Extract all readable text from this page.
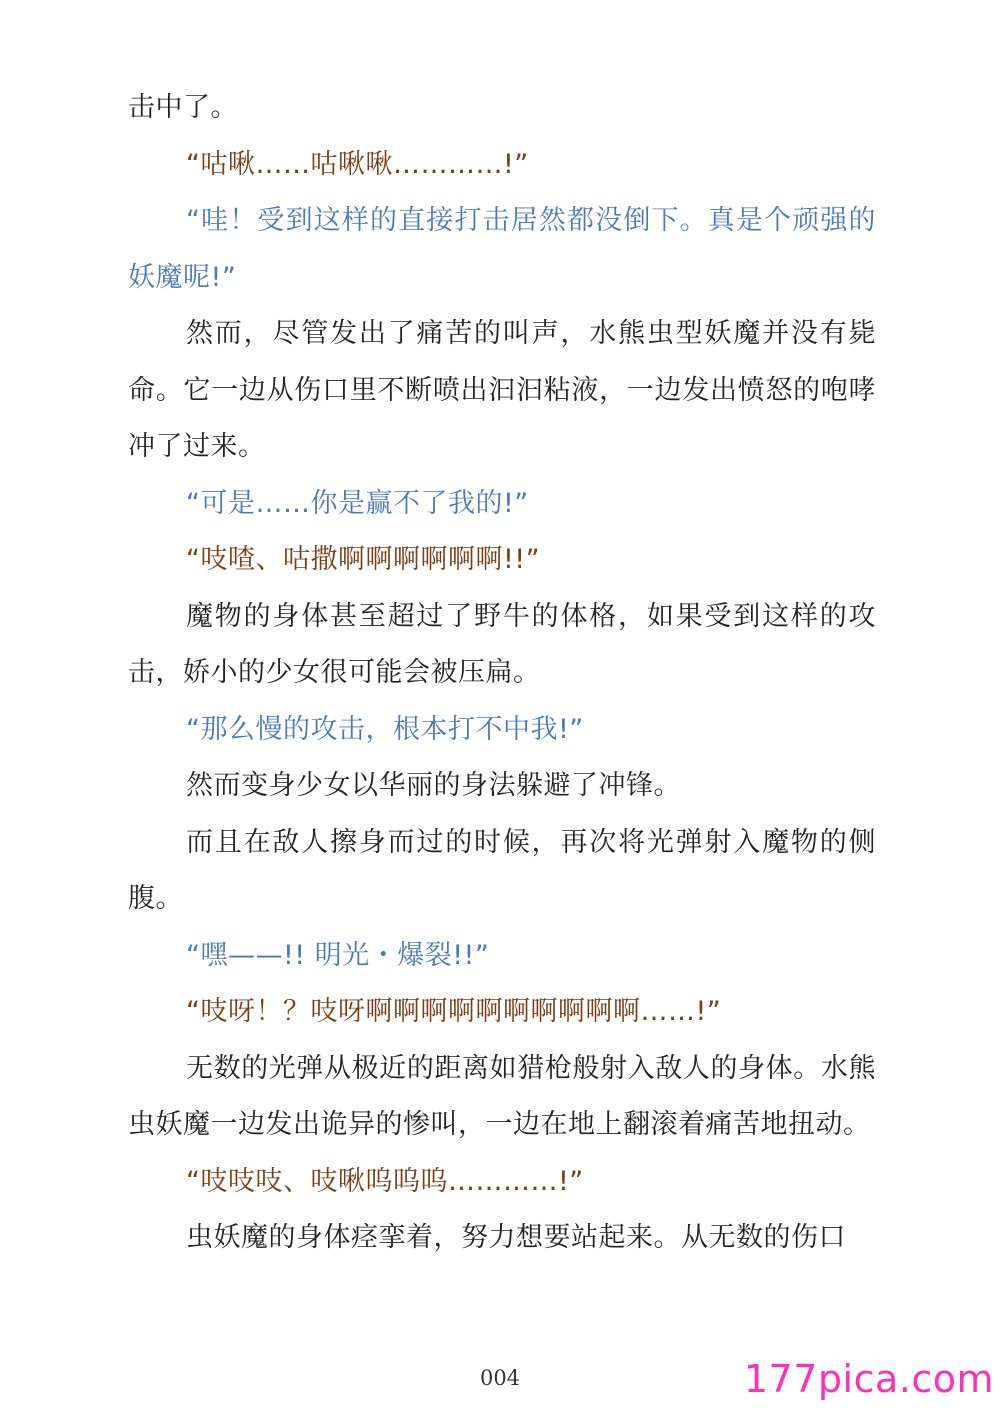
击中了。

“咕啾……咕啾啾…………!”

“哇！受到这样的直接打击居然都没倒下。真是个顽强的妖魔呢!”

然而，尽管发出了痛苦的叫声，水熊虫型妖魔并没有毙命。它一边从伤口里不断喷出汩汩粘液，一边发出愤怒的咆哮冲了过来。

“可是……你是赢不了我的!”

“吱喳、咕撒啊啊啊啊啊啊!!”

魔物的身体甚至超过了野牛的体格，如果受到这样的攻击，娇小的少女很可能会被压扁。

“那么慢的攻击，根本打不中我!”

然而变身少女以华丽的身法躲避了冲锋。

而且在敌人擦身而过的时候，再次将光弹射入魔物的侧腹。

“嘿——!! 明光・爆裂!!”

“吱呀！？吱呀啊啊啊啊啊啊啊啊啊啊……!”

无数的光弹从极近的距离如猎枪般射入敌人的身体。水熊虫妖魔一边发出诡异的惨叫，一边在地上翻滚着痛苦地扭动。

“吱吱吱、吱啾呜呜呜…………!”

虫妖魔的身体痉挛着，努力想要站起来。从无数的伤口

004	177pica.com
